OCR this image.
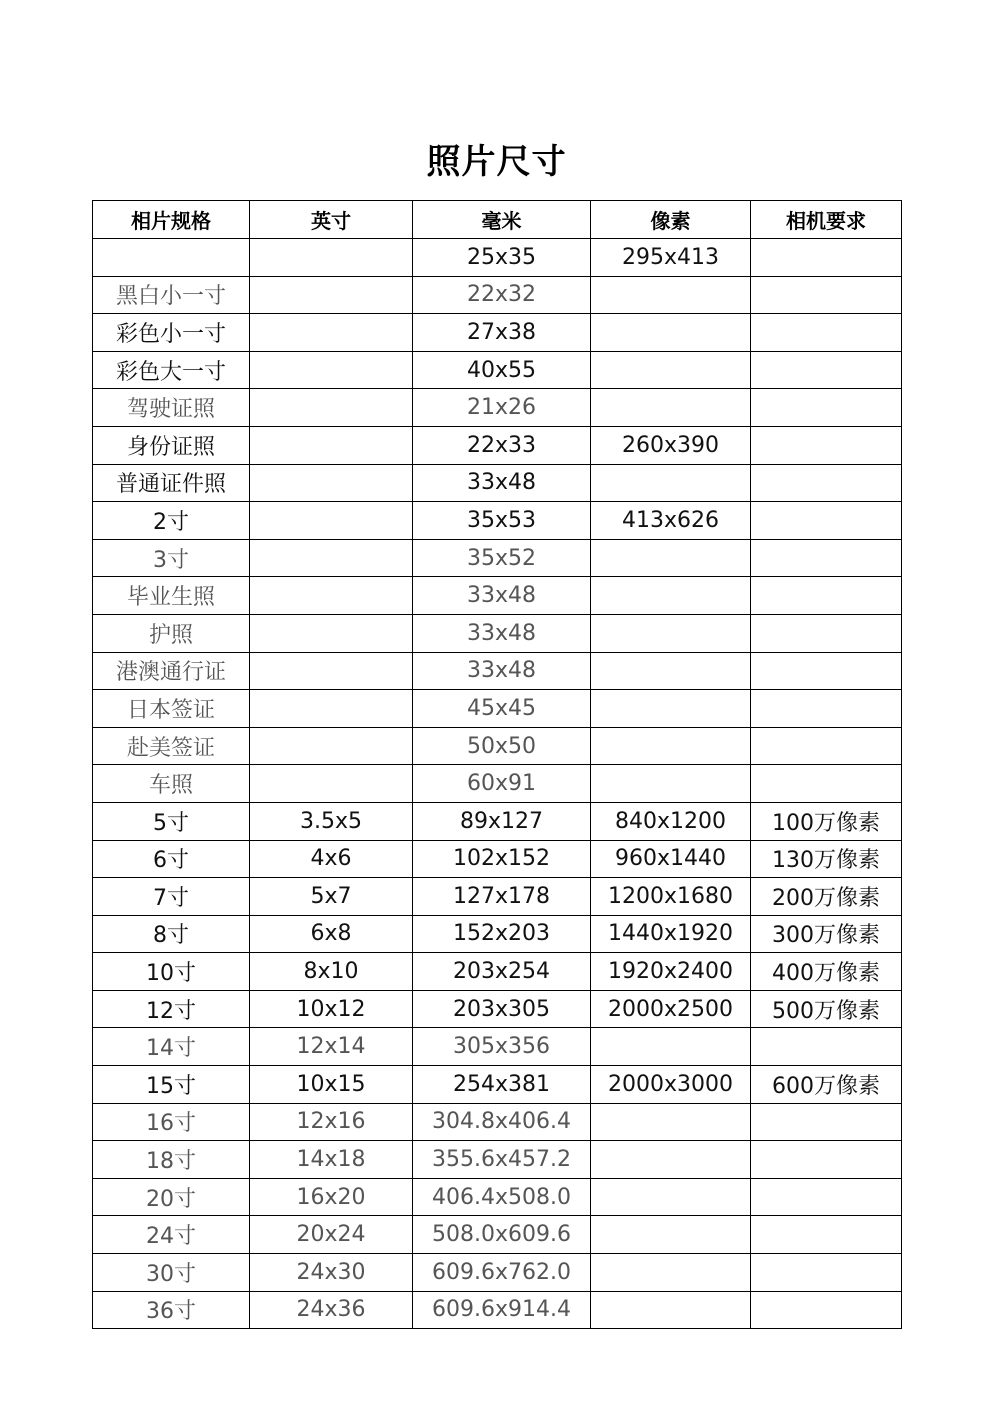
照片尺寸
相片规格	英寸	毫米	像素	相机要求
		25x35	295x413	
黑白小一寸		22x32		
彩色小一寸		27x38		
彩色大一寸		40x55		
驾驶证照		21x26		
身份证照		22x33	260x390	
普通证件照		33x48		
2寸		35x53	413x626	
3寸		35x52		
毕业生照		33x48		
护照		33x48		
港澳通行证		33x48		
日本签证		45x45		
赴美签证		50x50		
车照		60x91		
5寸	3.5x5	89x127	840x1200	100万像素
6寸	4x6	102x152	960x1440	130万像素
7寸	5x7	127x178	1200x1680	200万像素
8寸	6x8	152x203	1440x1920	300万像素
10寸	8x10	203x254	1920x2400	400万像素
12寸	10x12	203x305	2000x2500	500万像素
14寸	12x14	305x356		
15寸	10x15	254x381	2000x3000	600万像素
16寸	12x16	304.8x406.4		
18寸	14x18	355.6x457.2		
20寸	16x20	406.4x508.0		
24寸	20x24	508.0x609.6		
30寸	24x30	609.6x762.0		
36寸	24x36	609.6x914.4		
